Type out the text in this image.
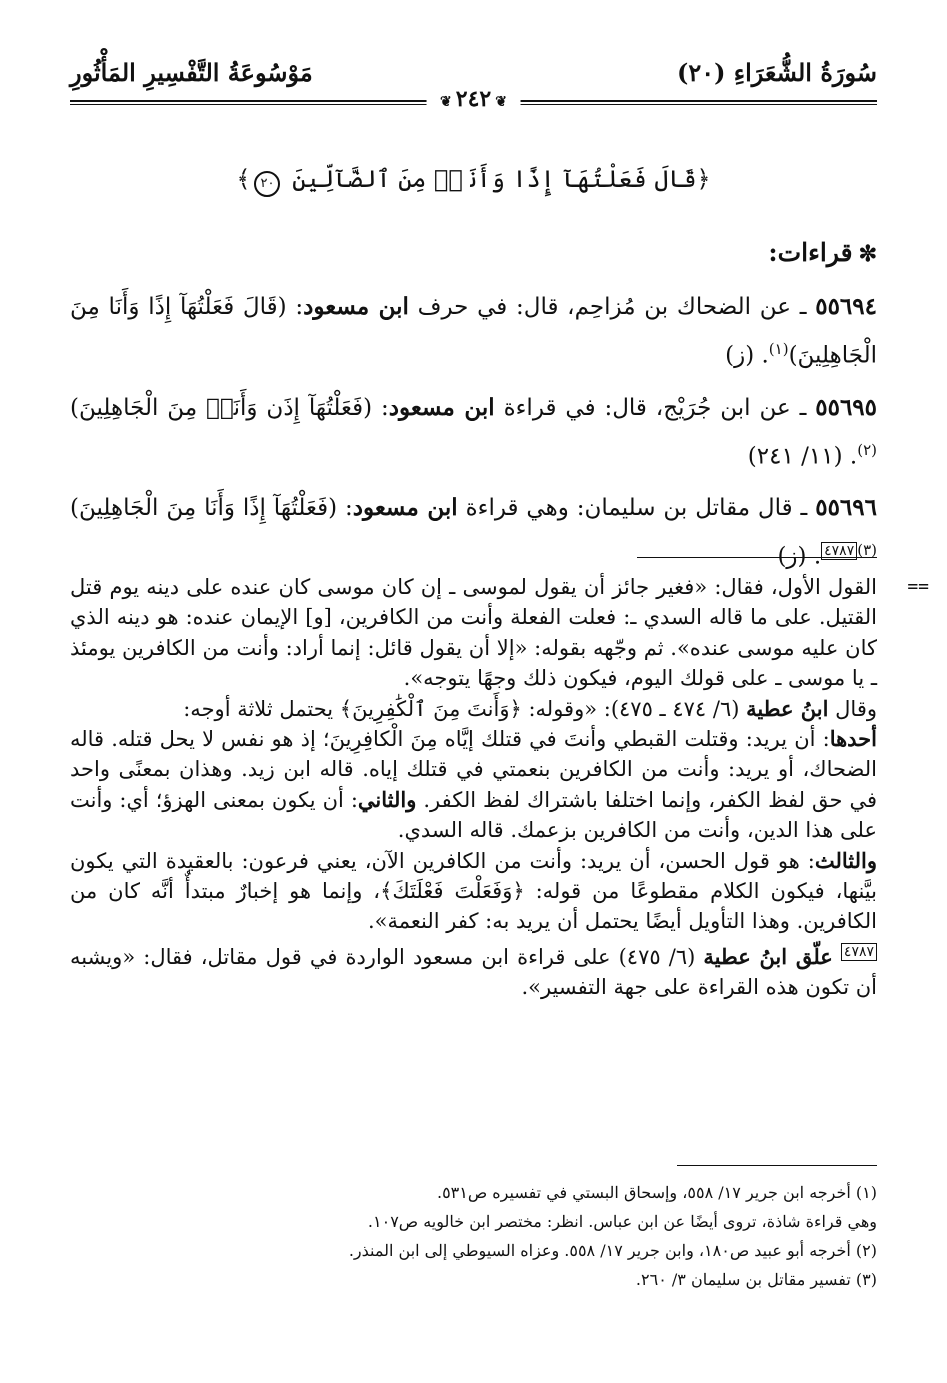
سُورَةُ الشُّعَرَاءِ (٢٠)
مَوْسُوعَةُ التَّفْسِيرِ المَأْثُورِ
❦٢٤٢❦
﴿قَالَ فَعَلْتُهَآ إِذًا وَأَنَا۠ مِنَ ٱلضَّآلِّينَ ٢٠﴾
✼قراءات:
٥٥٦٩٤ ـ عن الضحاك بن مُزاحِم، قال: في حرف ابن مسعود: (قَالَ فَعَلْتُهَآ إِذًا وَأَنَا مِنَ الْجَاهِلِينَ)$^{(١)}$. (ز)
٥٥٦٩٥ ـ عن ابن جُرَيْج، قال: في قراءة ابن مسعود: (فَعَلْتُهَآ إِذَن وَأَنَا۠ مِنَ الْجَاهِلِينَ)$^{(٢)}$. (١١/ ٢٤١)
٥٥٦٩٦ ـ قال مقاتل بن سليمان: وهي قراءة ابن مسعود: (فَعَلْتُهَآ إِذًا وَأَنَا مِنَ الْجَاهِلِينَ)$^{(٣)٤٧٨٧}$. (ز)
==

القول الأول، فقال: «فغير جائز أن يقول لموسى ـ إن كان موسى كان عنده على دينه يوم قتل القتيل. على ما قاله السدي ـ: فعلت الفعلة وأنت من الكافرين، [و] الإيمان عنده: هو دينه الذي كان عليه موسى عنده». ثم وجّهه بقوله: «إلا أن يقول قائل: إنما أراد: وأنت من الكافرين يومئذ ـ يا موسى ـ على قولك اليوم، فيكون ذلك وجهًا يتوجه».

وقال ابنُ عطية (٦/ ٤٧٤ ـ ٤٧٥): «وقوله: ﴿وَأَنتَ مِنَ ٱلْكَٰفِرِينَ﴾ يحتمل ثلاثة أوجه:

أحدها: أن يريد: وقتلت القبطي وأنتَ في قتلك إيَّاه مِنَ الْكافِرِينَ؛ إذ هو نفس لا يحل قتله. قاله الضحاك، أو يريد: وأنت من الكافرين بنعمتي في قتلك إياه. قاله ابن زيد. وهذان بمعنًى واحد في حق لفظ الكفر، وإنما اختلفا باشتراك لفظ الكفر. والثاني: أن يكون بمعنى الهزؤ؛ أي: وأنت على هذا الدين، وأنت من الكافرين بزعمك. قاله السدي.

والثالث: هو قول الحسن، أن يريد: وأنت من الكافرين الآن، يعني فرعون: بالعقيدة التي يكون بيَّنها، فيكون الكلام مقطوعًا من قوله: ﴿وَفَعَلْتَ فَعْلَتَكَ﴾، وإنما هو إخبارٌ مبتدأٌ أنَّه كان من الكافرين. وهذا التأويل أيضًا يحتمل أن يريد به: كفر النعمة».

$^{٤٧٨٧}$ علّق ابنُ عطية (٦/ ٤٧٥) على قراءة ابن مسعود الواردة في قول مقاتل، فقال: «ويشبه أن تكون هذه القراءة على جهة التفسير».

(١) أخرجه ابن جرير ١٧/ ٥٥٨، وإسحاق البستي في تفسيره ص٥٣١.

وهي قراءة شاذة، تروى أيضًا عن ابن عباس. انظر: مختصر ابن خالويه ص١٠٧.

(٢) أخرجه أبو عبيد ص١٨٠، وابن جرير ١٧/ ٥٥٨. وعزاه السيوطي إلى ابن المنذر.

(٣) تفسير مقاتل بن سليمان ٣/ ٢٦٠.
